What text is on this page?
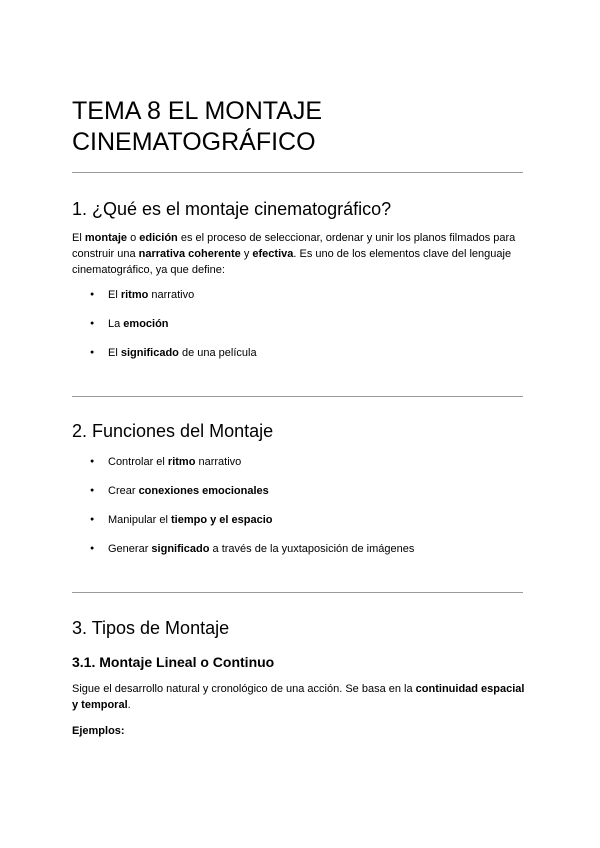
TEMA 8 EL MONTAJE CINEMATOGRÁFICO
1. ¿Qué es el montaje cinematográfico?

El montaje o edición es el proceso de seleccionar, ordenar y unir los planos filmados para construir una narrativa coherente y efectiva. Es uno de los elementos clave del lenguaje cinematográfico, ya que define:

● El ritmo narrativo
● La emoción
● El significado de una película
2. Funciones del Montaje
● Controlar el ritmo narrativo
● Crear conexiones emocionales
● Manipular el tiempo y el espacio
● Generar significado a través de la yuxtaposición de imágenes
3. Tipos de Montaje
3.1. Montaje Lineal o Continuo

Sigue el desarrollo natural y cronológico de una acción. Se basa en la continuidad espacial y temporal.

Ejemplos:
